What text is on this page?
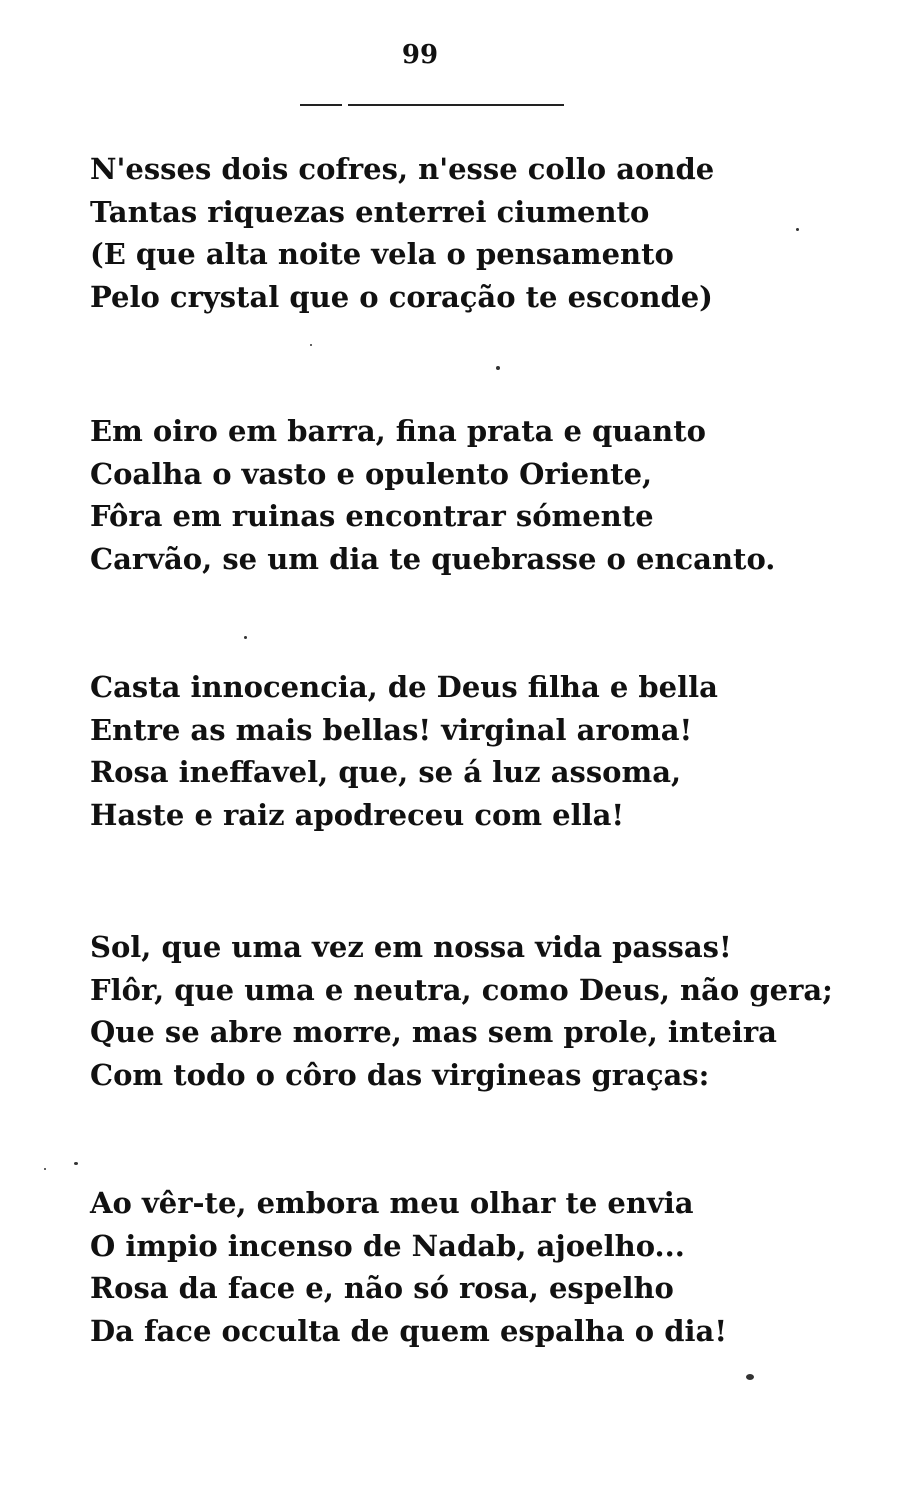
99
N'esses dois cofres, n'esse collo aonde
Tantas riquezas enterrei ciumento
(E que alta noite vela o pensamento
Pelo crystal que o coração te esconde)
Em oiro em barra, fina prata e quanto
Coalha o vasto e opulento Oriente,
Fôra em ruinas encontrar sómente
Carvão, se um dia te quebrasse o encanto.
Casta innocencia, de Deus filha e bella
Entre as mais bellas! virginal aroma!
Rosa ineffavel, que, se á luz assoma,
Haste e raiz apodreceu com ella!
Sol, que uma vez em nossa vida passas!
Flôr, que uma e neutra, como Deus, não gera;
Que se abre morre, mas sem prole, inteira
Com todo o côro das virgineas graças:
Ao vêr-te, embora meu olhar te envia
O impio incenso de Nadab, ajoelho...
Rosa da face e, não só rosa, espelho
Da face occulta de quem espalha o dia!
